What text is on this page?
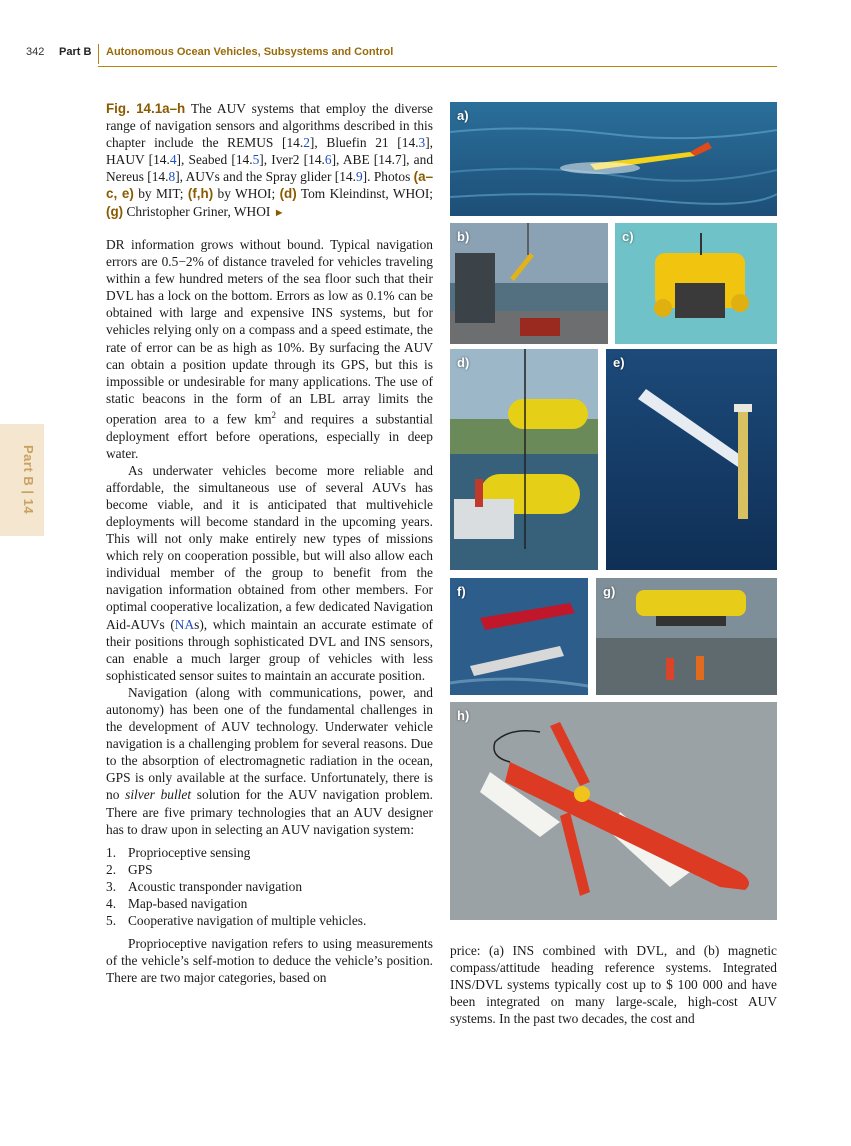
342 Part B Autonomous Ocean Vehicles, Subsystems and Control
Part B | 14
Fig. 14.1a–h The AUV systems that employ the diverse range of navigation sensors and algorithms described in this chapter include the REMUS [14.2], Bluefin 21 [14.3], HAUV [14.4], Seabed [14.5], Iver2 [14.6], ABE [14.7], and Nereus [14.8], AUVs and the Spray glider [14.9]. Photos (a–c, e) by MIT; (f,h) by WHOI; (d) Tom Kleindinst, WHOI; (g) Christopher Griner, WHOI ►

DR information grows without bound. Typical navigation errors are 0.5−2% of distance traveled for vehicles traveling within a few hundred meters of the sea floor such that their DVL has a lock on the bottom. Errors as low as 0.1% can be obtained with large and expensive INS systems, but for vehicles relying only on a compass and a speed estimate, the rate of error can be as high as 10%. By surfacing the AUV can obtain a position update through its GPS, but this is impossible or undesirable for many applications. The use of static beacons in the form of an LBL array limits the operation area to a few $km^2$ and requires a substantial deployment effort before operations, especially in deep water.

As underwater vehicles become more reliable and affordable, the simultaneous use of several AUVs has become viable, and it is anticipated that multivehicle deployments will become standard in the upcoming years. This will not only make entirely new types of missions which rely on cooperation possible, but will also allow each individual member of the group to benefit from the navigation information obtained from other members. For optimal cooperative localization, a few dedicated Navigation Aid-AUVs (NAs), which maintain an accurate estimate of their positions through sophisticated DVL and INS sensors, can enable a much larger group of vehicles with less sophisticated sensor suites to maintain an accurate position.

Navigation (along with communications, power, and autonomy) has been one of the fundamental challenges in the development of AUV technology. Underwater vehicle navigation is a challenging problem for several reasons. Due to the absorption of electromagnetic radiation in the ocean, GPS is only available at the surface. Unfortunately, there is no silver bullet solution for the AUV navigation problem. There are five primary technologies that an AUV designer has to draw upon in selecting an AUV navigation system:

1. Proprioceptive sensing
2. GPS
3. Acoustic transponder navigation
4. Map-based navigation
5. Cooperative navigation of multiple vehicles.

Proprioceptive navigation refers to using measurements of the vehicle’s self-motion to deduce the vehicle’s position. There are two major categories, based on

price: (a) INS combined with DVL, and (b) magnetic compass/attitude heading reference systems. Integrated INS/DVL systems typically cost up to $ 100 000 and have been integrated on many large-scale, high-cost AUV systems. In the past two decades, the cost and
a)
b)	c)
d)	e)
f)	g)
h)
